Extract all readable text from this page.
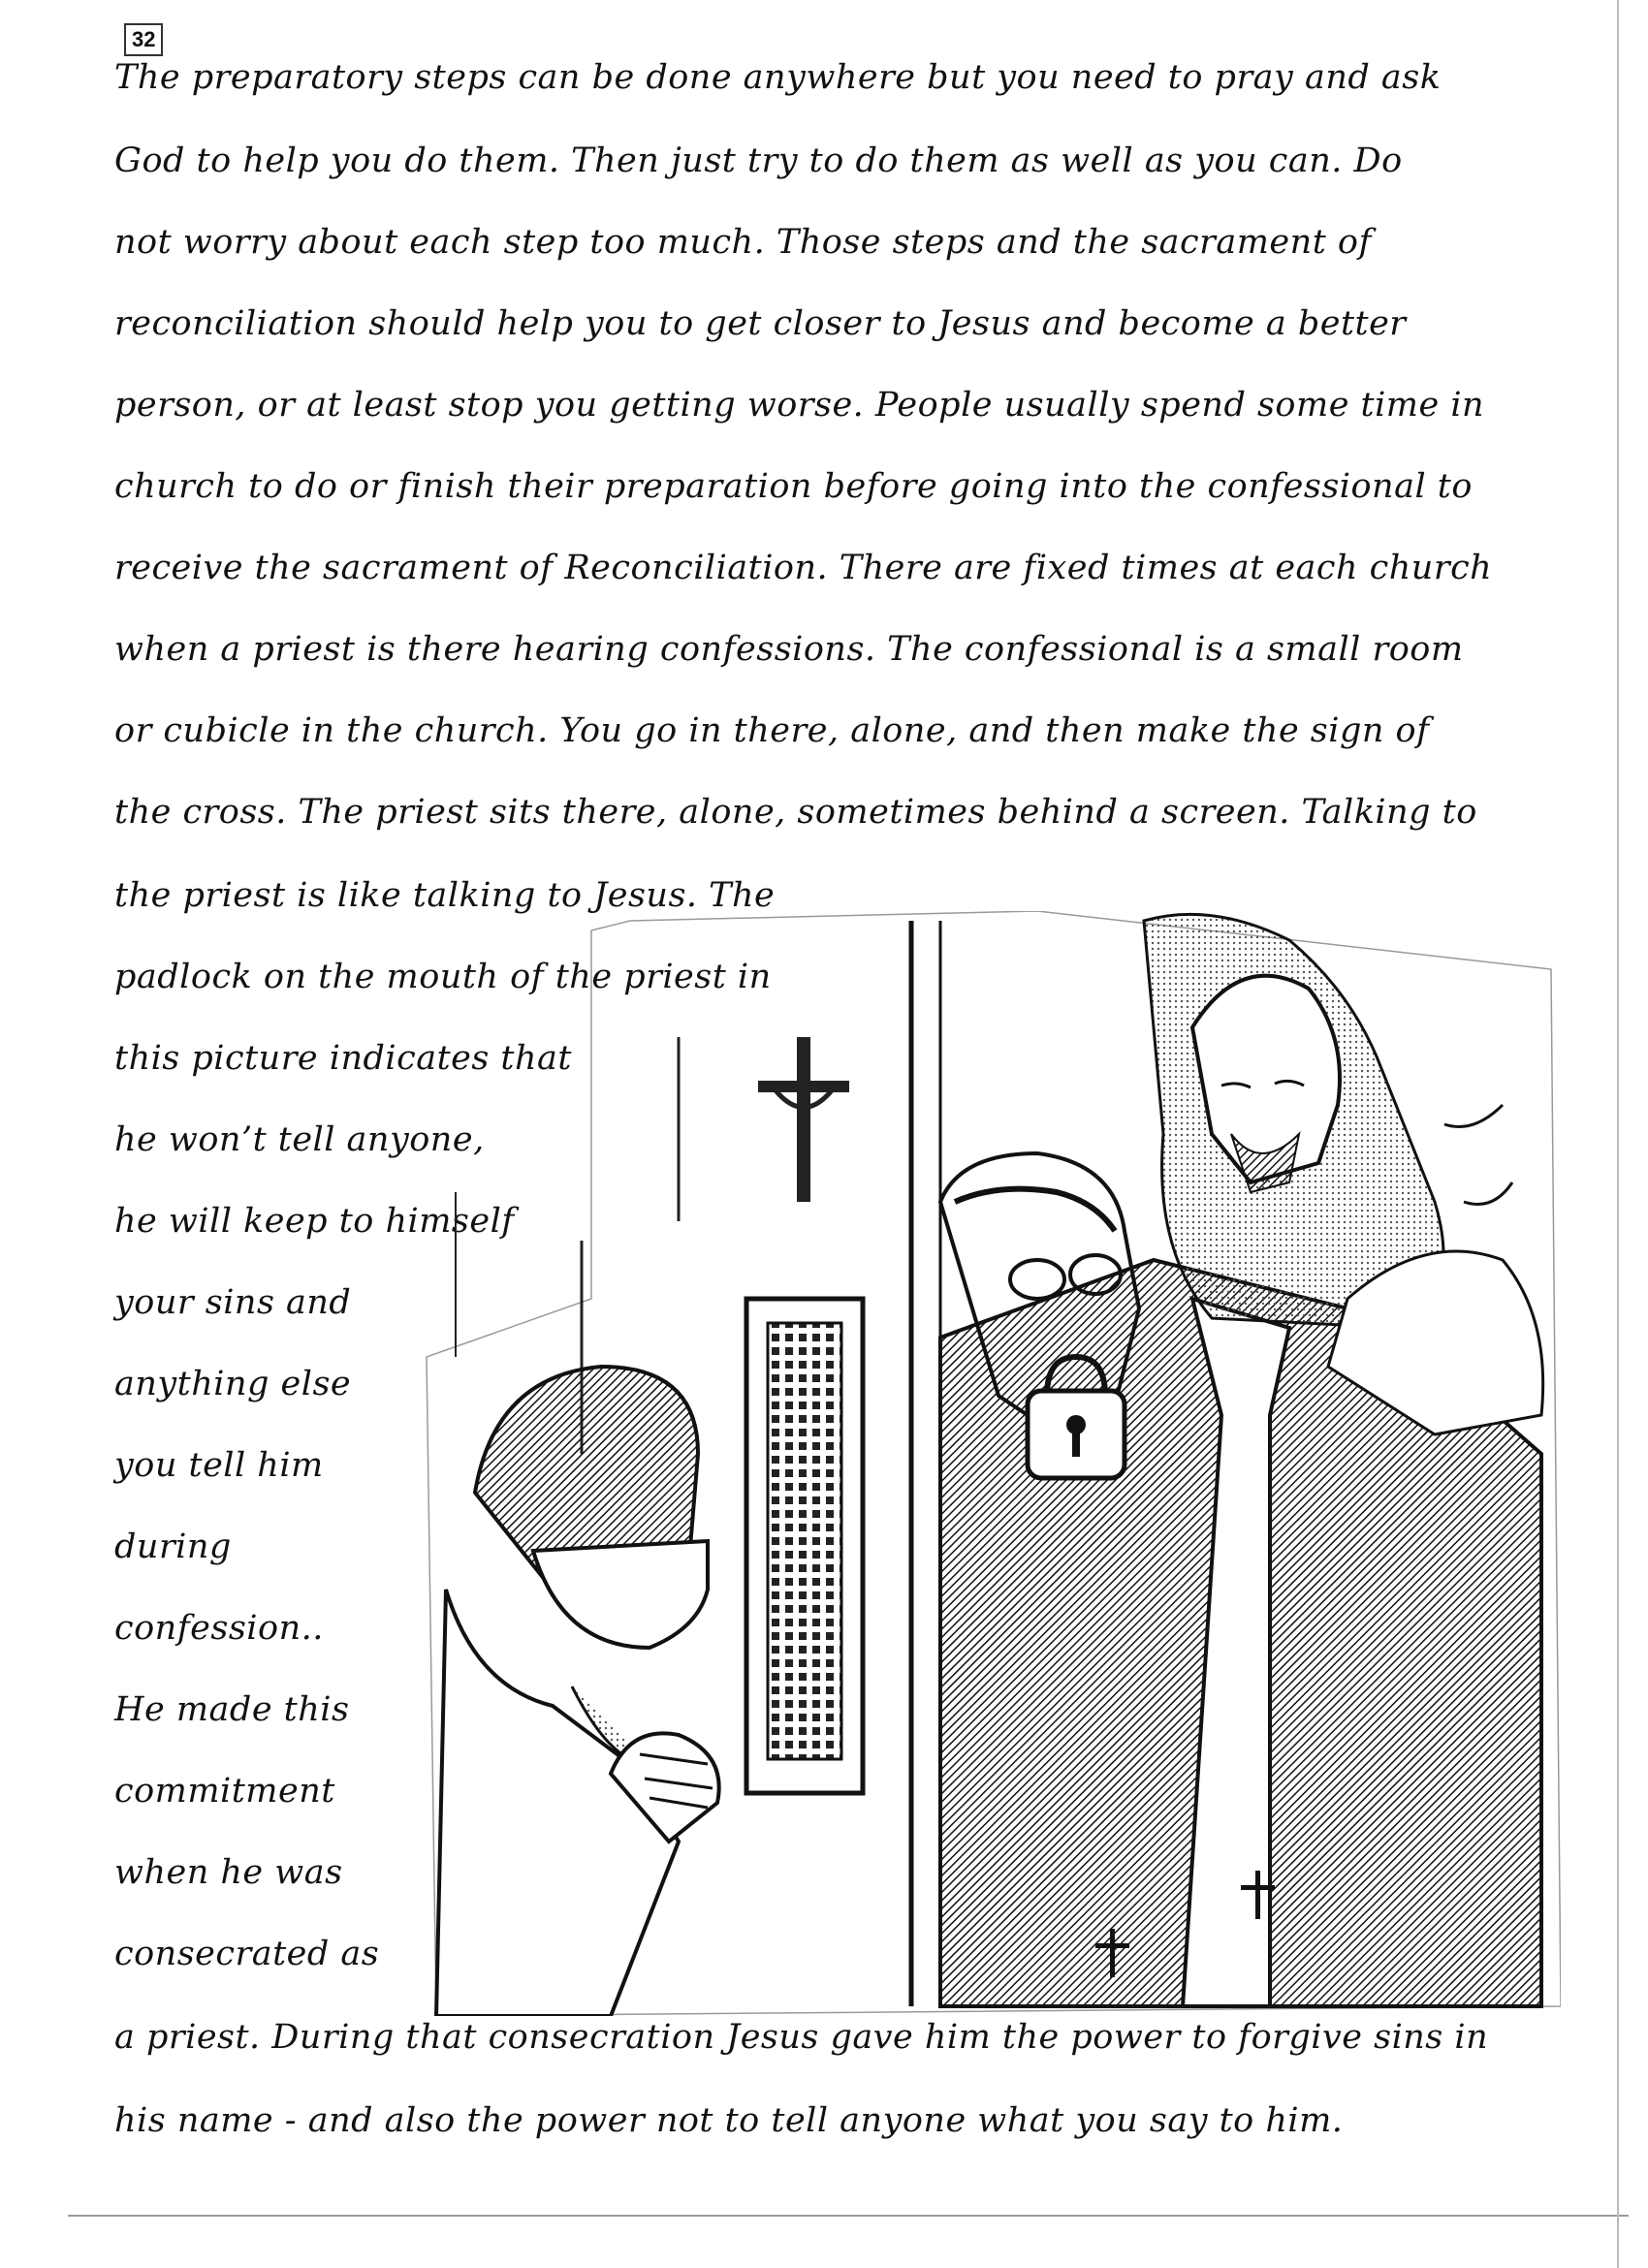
32
The preparatory steps can be done anywhere but you need to pray and ask
God to help you do them. Then just try to do them as well as you can. Do
not worry about each step too much. Those steps and the sacrament of
reconciliation should help you to get closer to Jesus and become a better
person, or at least stop you getting worse. People usually spend some time in
church to do or finish their preparation before going into the confessional to
receive the sacrament of Reconciliation. There are fixed times at each church
when a priest is there hearing confessions. The confessional is a small room
or cubicle in the church. You go in there, alone, and then make the sign of
the cross. The priest sits there, alone, sometimes behind a screen. Talking to
the priest is like talking to Jesus. The
padlock on the mouth of the priest in
this picture indicates that
he won’t tell anyone,
he will keep to himself
your sins and
anything else
you tell him
during
confession..
He made this
commitment
when he was
consecrated as
a priest. During that consecration Jesus gave him the power to forgive sins in
his name - and also the power not to tell anyone what you say to him.
